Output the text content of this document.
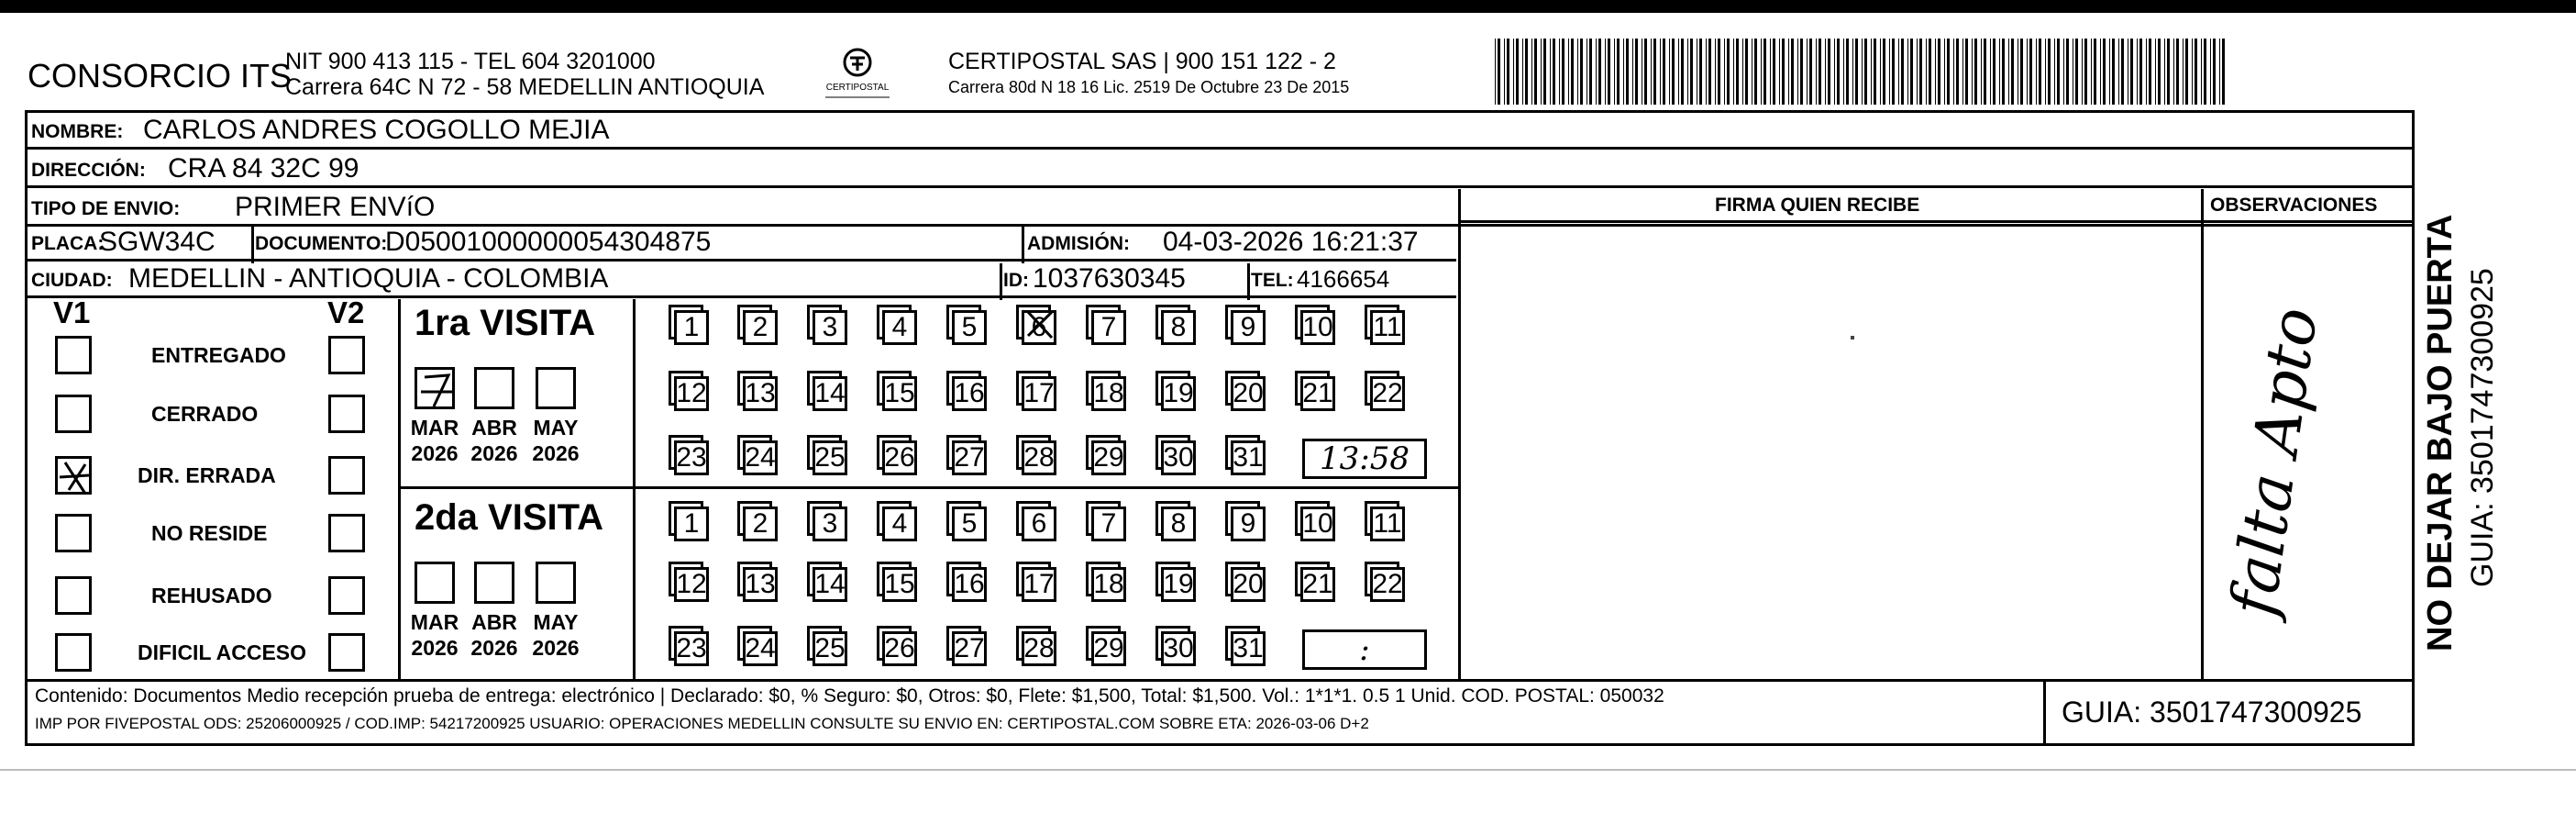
CONSORCIO ITS
NIT 900 413 115 - TEL 604 3201000
Carrera 64C N 72 - 58 MEDELLIN ANTIOQUIA	CERTIPOSTAL
CERTIPOSTAL SAS | 900 151 122 - 2
Carrera 80d N 18 16 Lic. 2519 De Octubre 23 De 2015
NOMBRE: CARLOS ANDRES COGOLLO MEJIA
DIRECCIÓN: CRA 84 32C 99
TIPO DE ENVIO: PRIMER ENVíO
PLACA:
SGW34C DOCUMENTO:
D050010000000543048​75	ADMISIÓN: 04-03-2026 16:21:37
CIUDAD: MEDELLIN - ANTIOQUIA - COLOMBIA	ID: 1037630345	TEL: 4166654
FIRMA QUIEN RECIBE	OBSERVACIONES
falta Apto
V1	V2 1ra VISITA
2da VISITA
Contenido: Documentos Medio recepción prueba de entrega: electrónico | Declarado: $0, % Seguro: $0, Otros: $0, Flete: $1,500, Total: $1,500. Vol.: 1*1*1. 0.5 1 Unid. COD. POSTAL: 050032
IMP POR FIVEPOSTAL ODS: 25206000925 / COD.IMP: 54217200925 USUARIO: OPERACIONES MEDELLIN CONSULTE SU ENVIO EN: CERTIPOSTAL.COM SOBRE ETA: 2026-03-06 D+2	GUIA: 3501747300925
NO DEJAR BAJO PUERTA GUIA: 3501747300925
ENTREGADO
CERRADO
DIR. ERRADA
NO RESIDE
REHUSADO
DIFICIL ACCESO
MAR
2026
ABR
2026
MAY
2026
MAR
2026
ABR
2026
MAY
2026
1	2	3	4	5	6	7	8	9	10 11
12 13 14 15 16 17 18 19 20 21 22
23 24 25 26 27 28 29 30 31	13:58
1	2	3	4	5	6	7	8	9	10 11
12 13 14 15 16 17 18 19 20 21 22
23 24 25 26 27 28 29 30 31	:
